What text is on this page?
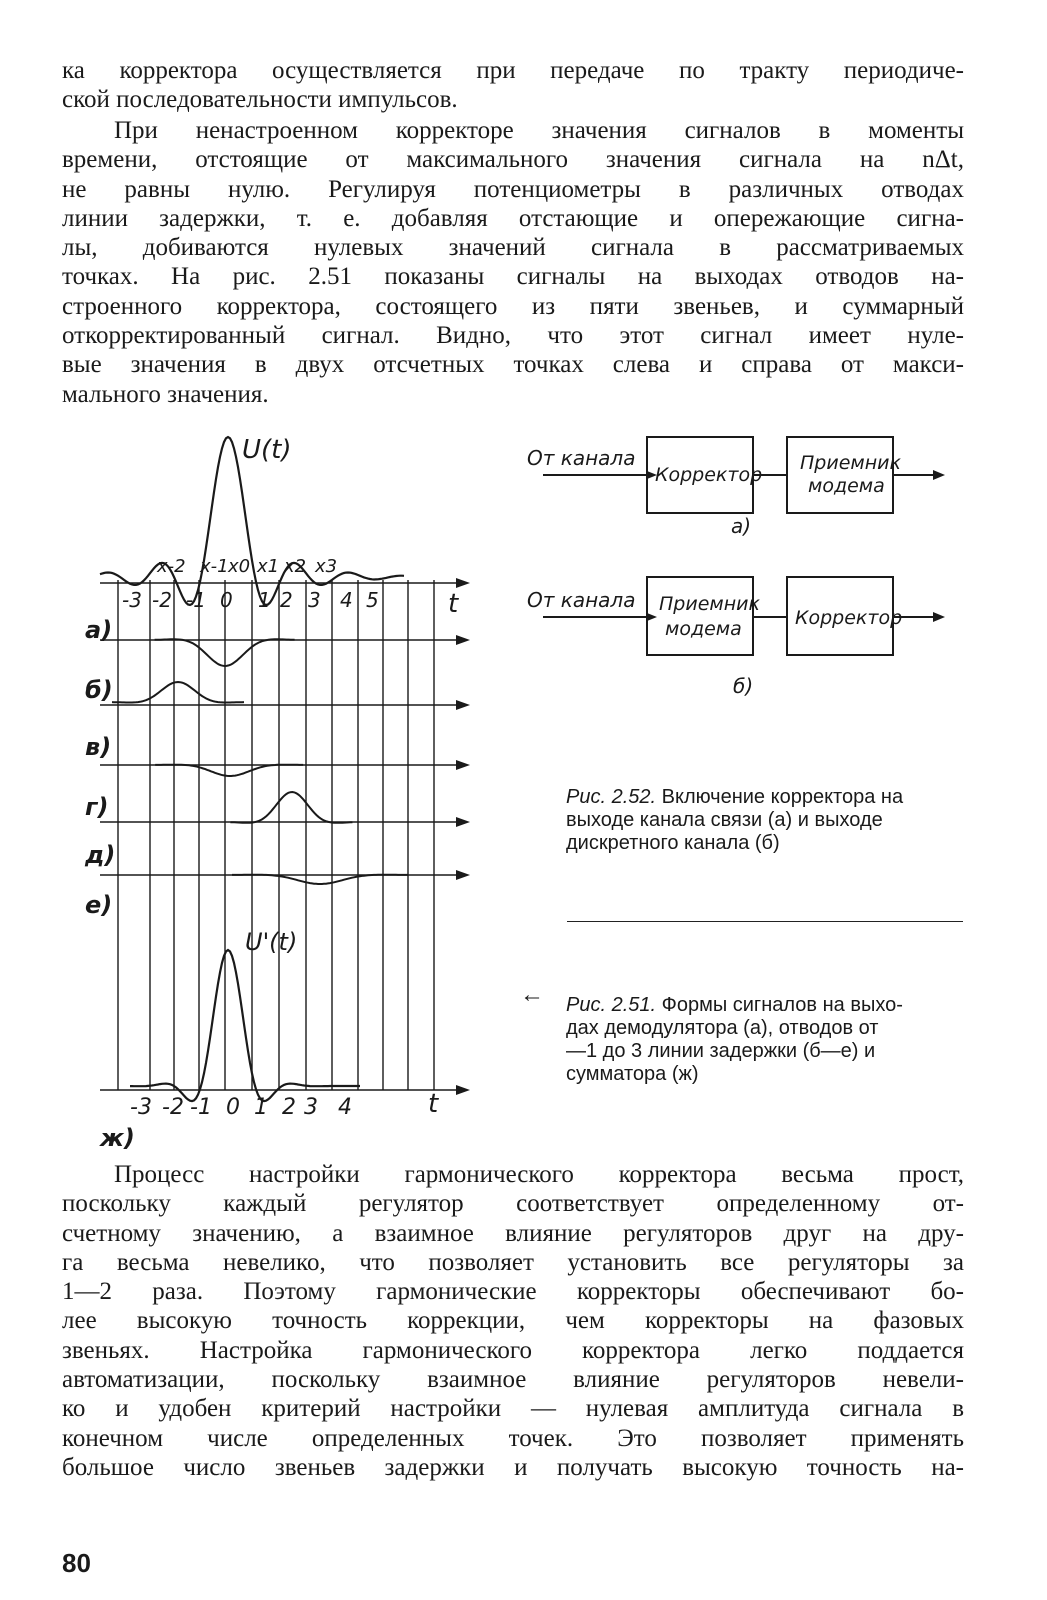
ка корректора осуществляется при передаче по тракту периодиче-
ской последовательности импульсов.
При ненастроенном корректоре значения сигналов в моменты
времени, отстоящие от максимального значения сигнала на nΔt,
не равны нулю. Регулируя потенциометры в различных отводах
линии задержки, т. е. добавляя отстающие и опережающие сигна-
лы, добиваются нулевых значений сигнала в рассматриваемых
точках. На рис. 2.51 показаны сигналы на выходах отводов на-
строенного корректора, состоящего из пяти звеньев, и суммарный
откорректированный сигнал. Видно, что этот сигнал имеет нуле-
вые значения в двух отсчетных точках слева и справа от макси-
мального значения.
U(t)
U'(t)
t
t
x-2 x-1 x0 x1 x2 x3
-3 -2 -1 0 1 2 3 4 5
-3 -2 -1 0 1 2 3 4
а)
б)
в)
г)
д)
е)
ж)
От канала
Корректор
Приемник
модема
а)
От канала Приемник
модема	Корректор
б)
Рис. 2.52. Включение корректора на
выходе канала связи (а) и выходе
дискретного канала (б)
← Рис. 2.51. Формы сигналов на выхо-
дах демодулятора (а), отводов от
—1 до 3 линии задержки (б—е) и
сумматора (ж)
Процесс настройки гармонического корректора весьма прост,
поскольку каждый регулятор соответствует определенному от-
счетному значению, а взаимное влияние регуляторов друг на дру-
га весьма невелико, что позволяет установить все регуляторы за
1—2 раза. Поэтому гармонические корректоры обеспечивают бо-
лее высокую точность коррекции, чем корректоры на фазовых
звеньях. Настройка гармонического корректора легко поддается
автоматизации, поскольку взаимное влияние регуляторов невели-
ко и удобен критерий настройки — нулевая амплитуда сигнала в
конечном числе определенных точек. Это позволяет применять
большое число звеньев задержки и получать высокую точность на-
80
